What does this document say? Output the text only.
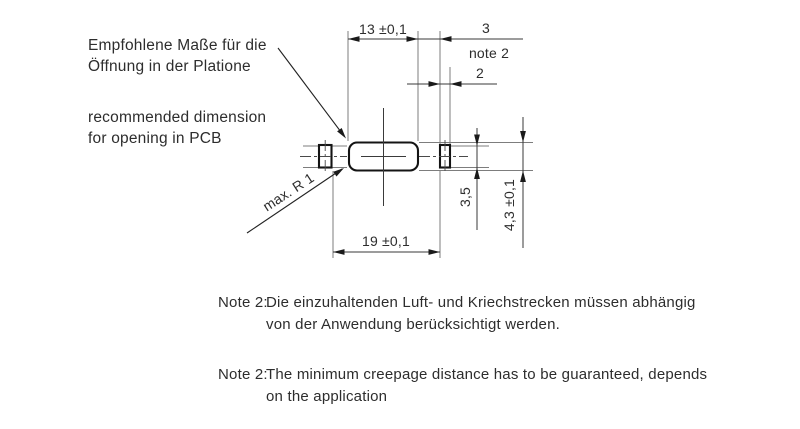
13 ±0,1	3
note 2
2
19 ±0,1
3,5 4,3 ±0,1
max. R 1
Empfohlene Maße für die
Öffnung in der Platione
recommended dimension
for opening in PCB
Note 2:
Die einzuhaltenden Luft- und Kriechstrecken müssen abhängig
von der Anwendung berücksichtigt werden.
Note 2:
The minimum creepage distance has to be guaranteed, depends
on the application
